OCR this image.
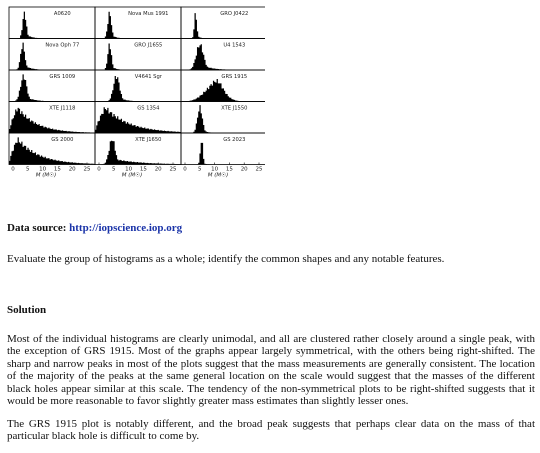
A0620	Nova Mus 1991	GRO J0422
Nova Oph 77	GRO J1655	U4 1543
GRS 1009	V4641 Sgr	GRS 1915
XTE J1118	GS 1354	XTE J1550
GS 2000	XTE J1650	GS 2023
0 5 10 15 20 25
M (M☉)
0 5 10 15 20 25
M (M☉)
0 5 10 15 20 25
M (M☉)
Data source: http://iopscience.iop.org
Evaluate the group of histograms as a whole; identify the common shapes and any notable features.
Solution

Most of the individual histograms are clearly unimodal, and all are clustered rather closely around a single peak, with the exception of GRS 1915. Most of the graphs appear largely symmetrical, with the others being right-shifted. The sharp and narrow peaks in most of the plots suggest that the mass measurements are generally consistent. The location of the majority of the peaks at the same general location on the scale would suggest that the masses of the different black holes appear similar at this scale. The tendency of the non-symmetrical plots to be right-shifted suggests that it would be more reasonable to favor slightly greater mass estimates than slightly lesser ones.

The GRS 1915 plot is notably different, and the broad peak suggests that perhaps clear data on the mass of that particular black hole is difficult to come by.
